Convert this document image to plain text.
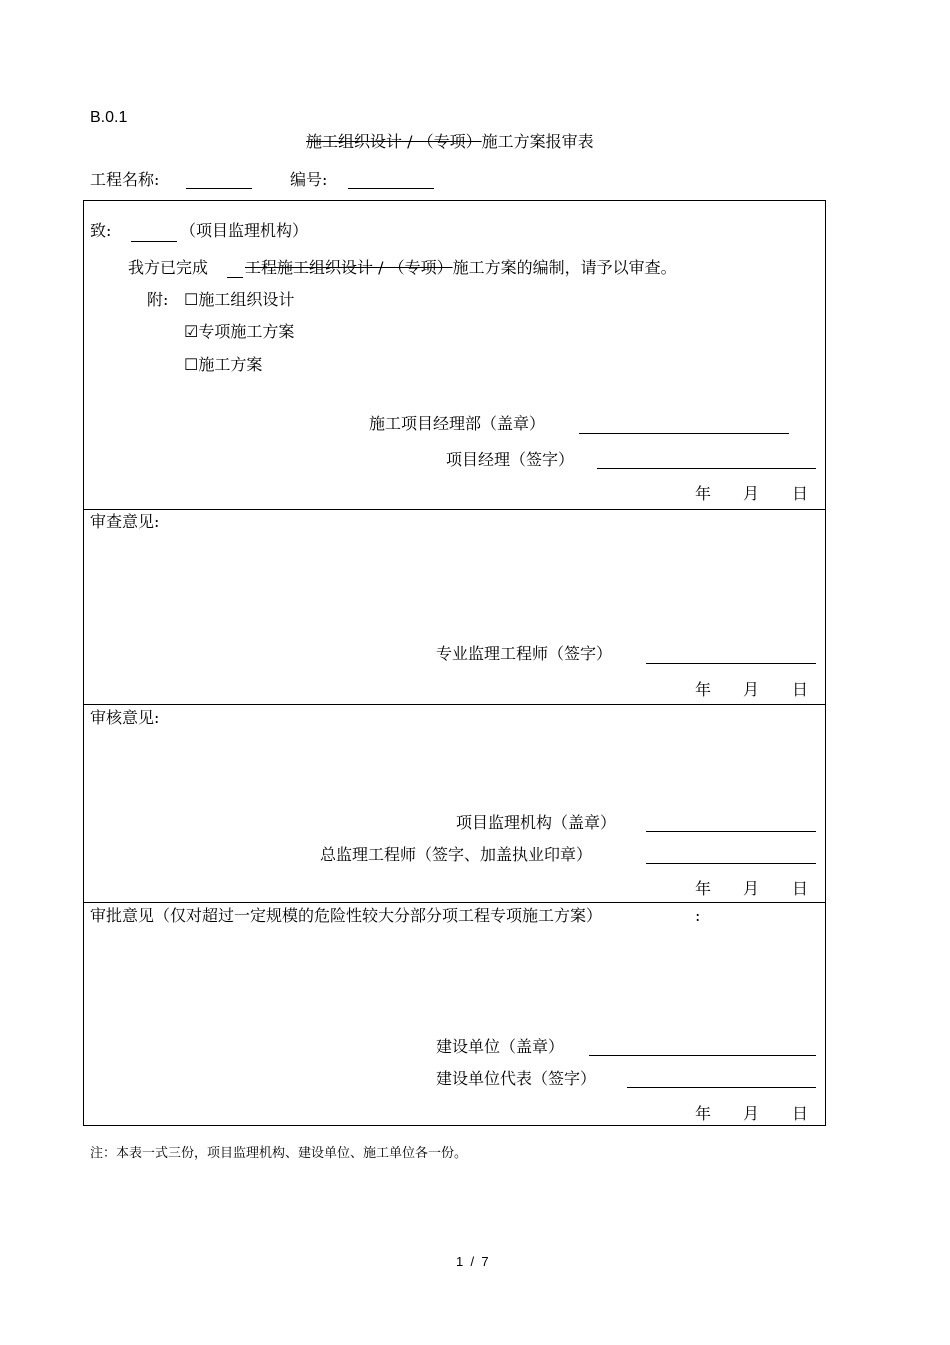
B.0.1
施工组织设计 / （专项）施工方案报审表
工程名称:	编号:
致:	（项目监理机构）
我方已完成 工程施工组织设计 / （专项）施工方案的编制，请予以审查。
附: ☐施工组织设计
☑专项施工方案
☐施工方案
施工项目经理部（盖章）
项目经理（签字）
年 月 日
审查意见:
专业监理工程师（签字）
年 月 日
审核意见:
项目监理机构（盖章）
总监理工程师（签字、加盖执业印章）
年 月 日
审批意见（仅对超过一定规模的危险性较大分部分项工程专项施工方案）	:
建设单位（盖章）
建设单位代表（签字）
年 月 日
注：本表一式三份，项目监理机构、建设单位、施工单位各一份。
1 / 7
